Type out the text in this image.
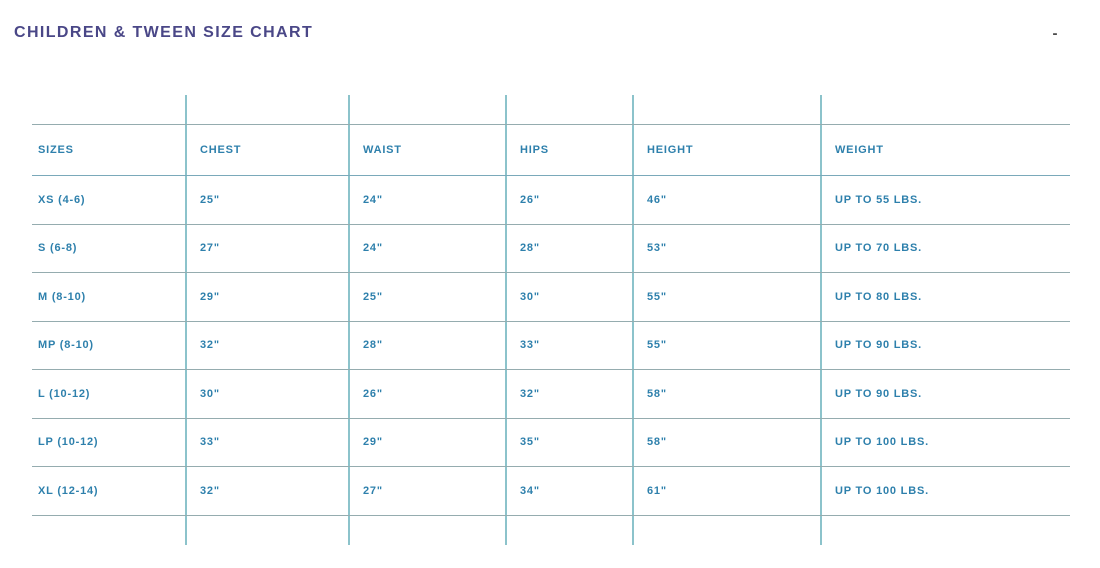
CHILDREN & TWEEN SIZE CHART	-
SIZES	CHEST	WAIST	HIPS	HEIGHT	WEIGHT
XS (4-6)	25"	24"	26"	46"	UP TO 55 LBS.
S (6-8)	27"	24"	28"	53"	UP TO 70 LBS.
M (8-10)	29"	25"	30"	55"	UP TO 80 LBS.
MP (8-10)	32"	28"	33"	55"	UP TO 90 LBS.
L (10-12)	30"	26"	32"	58"	UP TO 90 LBS.
LP (10-12)	33"	29"	35"	58"	UP TO 100 LBS.
XL (12-14)	32"	27"	34"	61"	UP TO 100 LBS.
